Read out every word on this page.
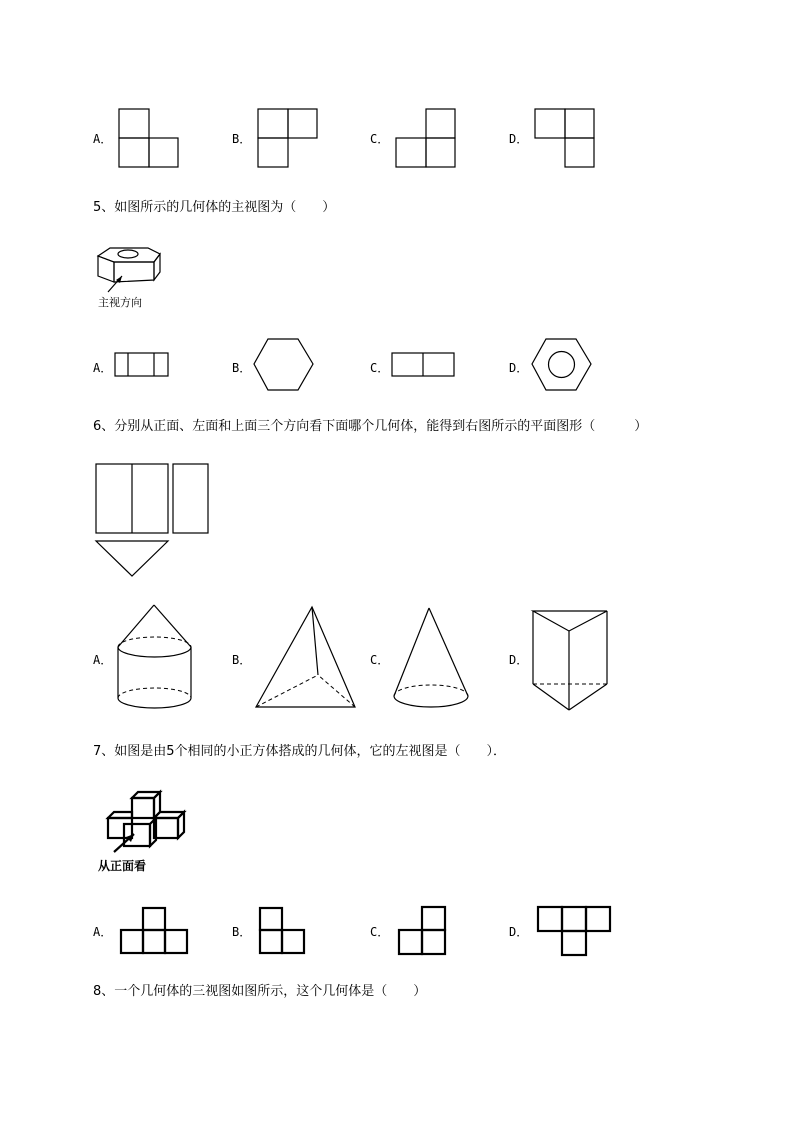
A．	B．	C．	D．
5、如图所示的几何体的主视图为（　　）
主视方向
A．	B．	C．	D．
6、分别从正面、左面和上面三个方向看下面哪个几何体，能得到右图所示的平面图形（　　　）
A．	B．	C．	D．
7、如图是由5个相同的小正方体搭成的几何体，它的左视图是（　　）．
从正面看
A．	B．	C．	D．
8、一个几何体的三视图如图所示，这个几何体是（　　）
